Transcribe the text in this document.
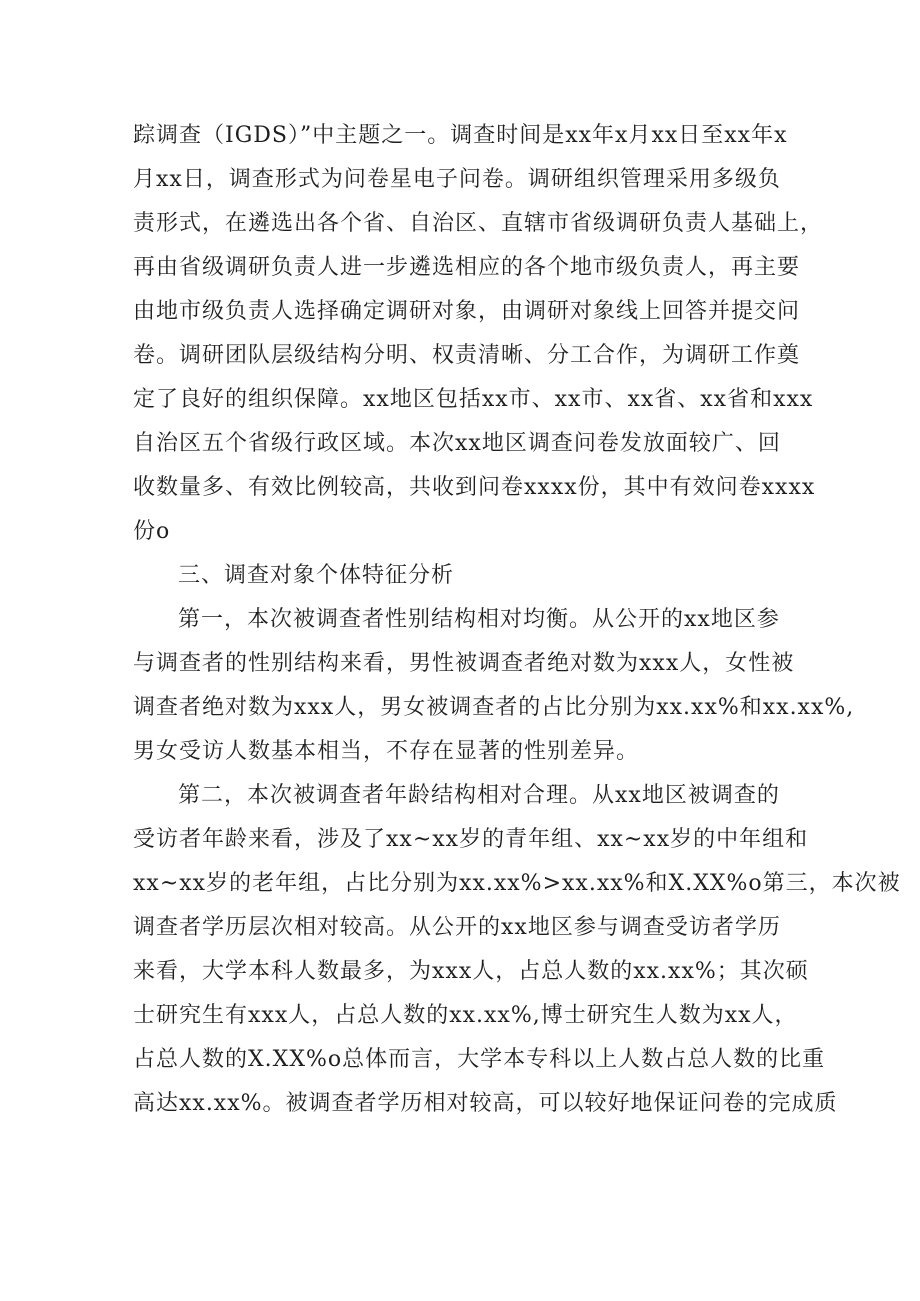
踪调查（IGDS）”中主题之一。调查时间是xx年x月xx日至xx年x
月xx日，调查形式为问卷星电子问卷。调研组织管理采用多级负
责形式，在遴选出各个省、自治区、直辖市省级调研负责人基础上，
再由省级调研负责人进一步遴选相应的各个地市级负责人，再主要
由地市级负责人选择确定调研对象，由调研对象线上回答并提交问
卷。调研团队层级结构分明、权责清晰、分工合作，为调研工作奠
定了良好的组织保障。xx地区包括xx市、xx市、xx省、xx省和xxx
自治区五个省级行政区域。本次xx地区调查问卷发放面较广、回
收数量多、有效比例较高，共收到问卷xxxx份，其中有效问卷xxxx
份o
三、调查对象个体特征分析
第一，本次被调查者性别结构相对均衡。从公开的xx地区参
与调查者的性别结构来看，男性被调查者绝对数为xxx人，女性被
调查者绝对数为xxx人，男女被调查者的占比分别为xx.xx%和xx.xx%,
男女受访人数基本相当，不存在显著的性别差异。
第二，本次被调查者年龄结构相对合理。从xx地区被调查的
受访者年龄来看，涉及了xx~xx岁的青年组、xx~xx岁的中年组和
xx~xx岁的老年组，占比分别为xx.xx%>xx.xx%和X.XX%o第三，本次被
调查者学历层次相对较高。从公开的xx地区参与调查受访者学历
来看，大学本科人数最多，为xxx人，占总人数的xx.xx%；其次硕
士研究生有xxx人，占总人数的xx.xx%,博士研究生人数为xx人，
占总人数的X.XX%o总体而言，大学本专科以上人数占总人数的比重
高达xx.xx%。被调查者学历相对较高，可以较好地保证问卷的完成质
